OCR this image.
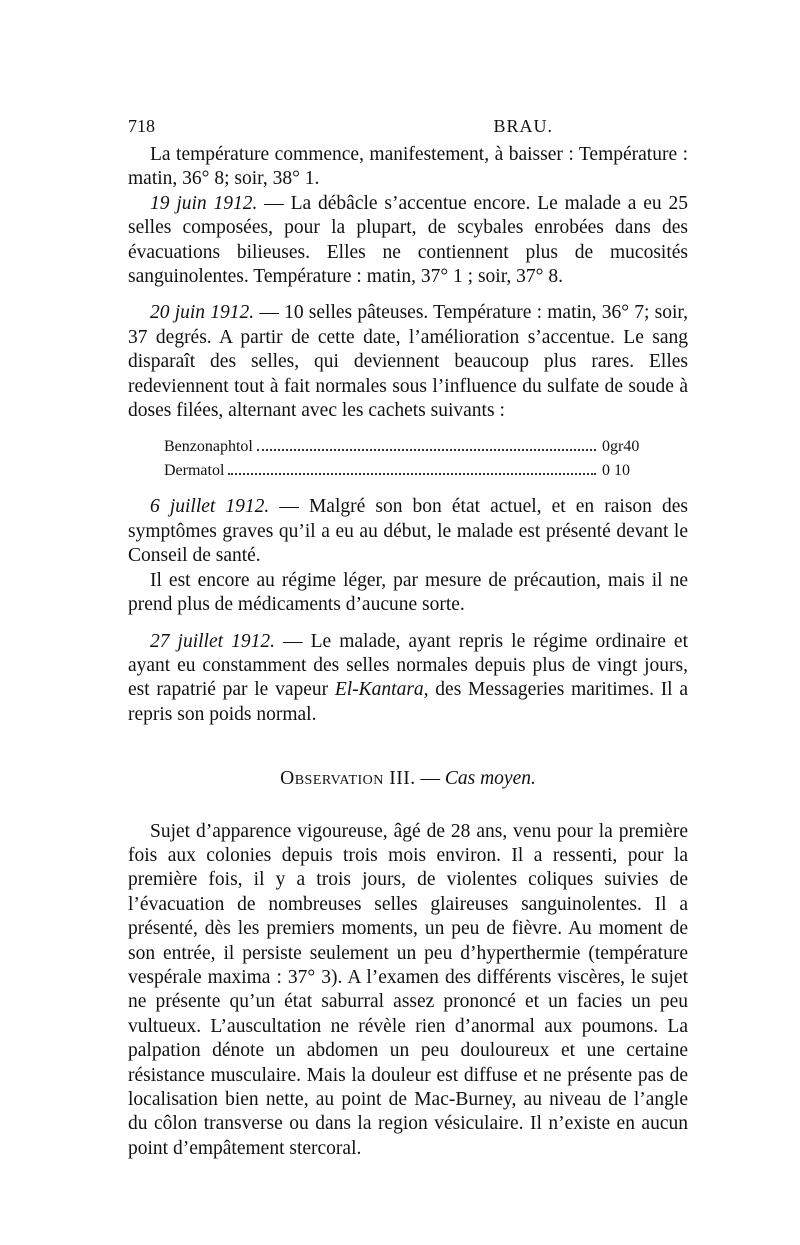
718	BRAU.

La température commence, manifestement, à baisser : Température : matin, 36° 8; soir, 38° 1.

19 juin 1912. — La débâcle s’accentue encore. Le malade a eu 25 selles composées, pour la plupart, de scybales enrobées dans des évacuations bilieuses. Elles ne contiennent plus de mucosités sanguinolentes. Température : matin, 37° 1 ; soir, 37° 8.

20 juin 1912. — 10 selles pâteuses. Température : matin, 36° 7; soir, 37 degrés. A partir de cette date, l’amélioration s’accentue. Le sang disparaît des selles, qui deviennent beaucoup plus rares. Elles redeviennent tout à fait normales sous l’influence du sulfate de soude à doses filées, alternant avec les cachets suivants :

Benzonaphtol	0gr40
Dermatol	0 10

6 juillet 1912. — Malgré son bon état actuel, et en raison des symptômes graves qu’il a eu au début, le malade est présenté devant le Conseil de santé.

Il est encore au régime léger, par mesure de précaution, mais il ne prend plus de médicaments d’aucune sorte.

27 juillet 1912. — Le malade, ayant repris le régime ordinaire et ayant eu constamment des selles normales depuis plus de vingt jours, est rapatrié par le vapeur El-Kantara, des Messageries maritimes. Il a repris son poids normal.

Observation III. — Cas moyen.

Sujet d’apparence vigoureuse, âgé de 28 ans, venu pour la première fois aux colonies depuis trois mois environ. Il a ressenti, pour la première fois, il y a trois jours, de violentes coliques suivies de l’évacuation de nombreuses selles glaireuses sanguinolentes. Il a présenté, dès les premiers moments, un peu de fièvre. Au moment de son entrée, il persiste seulement un peu d’hyperthermie (température vespérale maxima : 37° 3). A l’examen des différents viscères, le sujet ne présente qu’un état saburral assez prononcé et un facies un peu vultueux. L’auscultation ne révèle rien d’anormal aux poumons. La palpation dénote un abdomen un peu douloureux et une certaine résistance musculaire. Mais la douleur est diffuse et ne présente pas de localisation bien nette, au point de Mac-Burney, au niveau de l’angle du côlon transverse ou dans la region vésiculaire. Il n’existe en aucun point d’empâtement stercoral.
